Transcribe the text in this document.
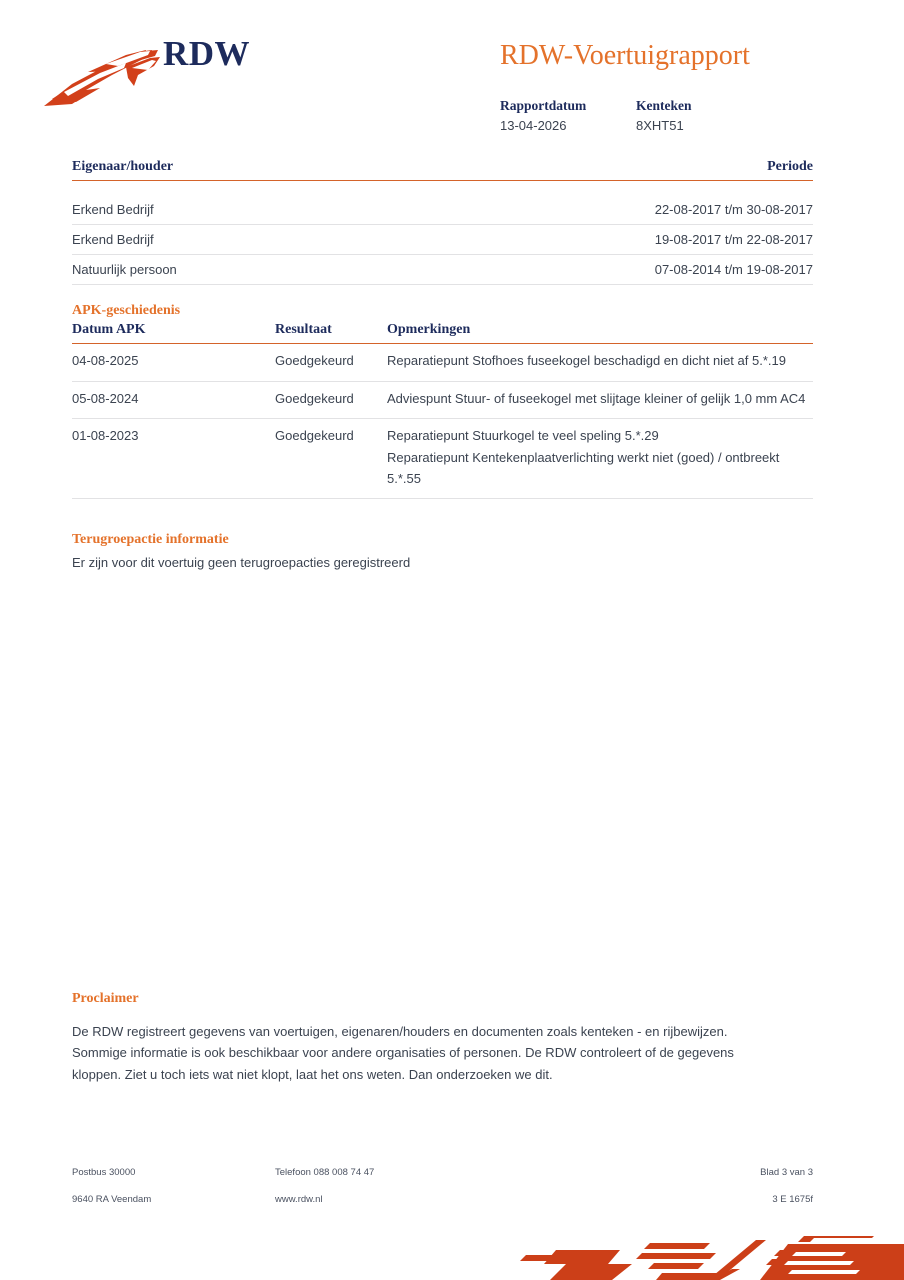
RDW	RDW-Voertuigrapport
Rapportdatum
13-04-2026
Kenteken
8XHT51
Eigenaar/houder	Periode
Erkend Bedrijf	22-08-2017 t/m 30-08-2017
Erkend Bedrijf	19-08-2017 t/m 22-08-2017
Natuurlijk persoon	07-08-2014 t/m 19-08-2017
APK-geschiedenis
Datum APK	Resultaat	Opmerkingen
04-08-2025	Goedgekeurd	Reparatiepunt Stofhoes fuseekogel beschadigd en dicht niet af 5.*.19

05-08-2024	Goedgekeurd	Adviespunt Stuur- of fuseekogel met slijtage kleiner of gelijk 1,0 mm AC4

01-08-2023	Goedgekeurd	Reparatiepunt Stuurkogel te veel speling 5.*.29
Reparatiepunt Kentekenplaatverlichting werkt niet (goed) / ontbreekt 5.*.55
Terugroepactie informatie
Er zijn voor dit voertuig geen terugroepacties geregistreerd
Proclaimer
De RDW registreert gegevens van voertuigen, eigenaren/houders en documenten zoals kenteken - en rijbewijzen. Sommige informatie is ook beschikbaar voor andere organisaties of personen. De RDW controleert of de gegevens kloppen. Ziet u toch iets wat niet klopt, laat het ons weten. Dan onderzoeken we dit.
Postbus 30000	Telefoon 088 008 74 47	Blad 3 van 3
9640 RA Veendam	www.rdw.nl	3 E 1675f
